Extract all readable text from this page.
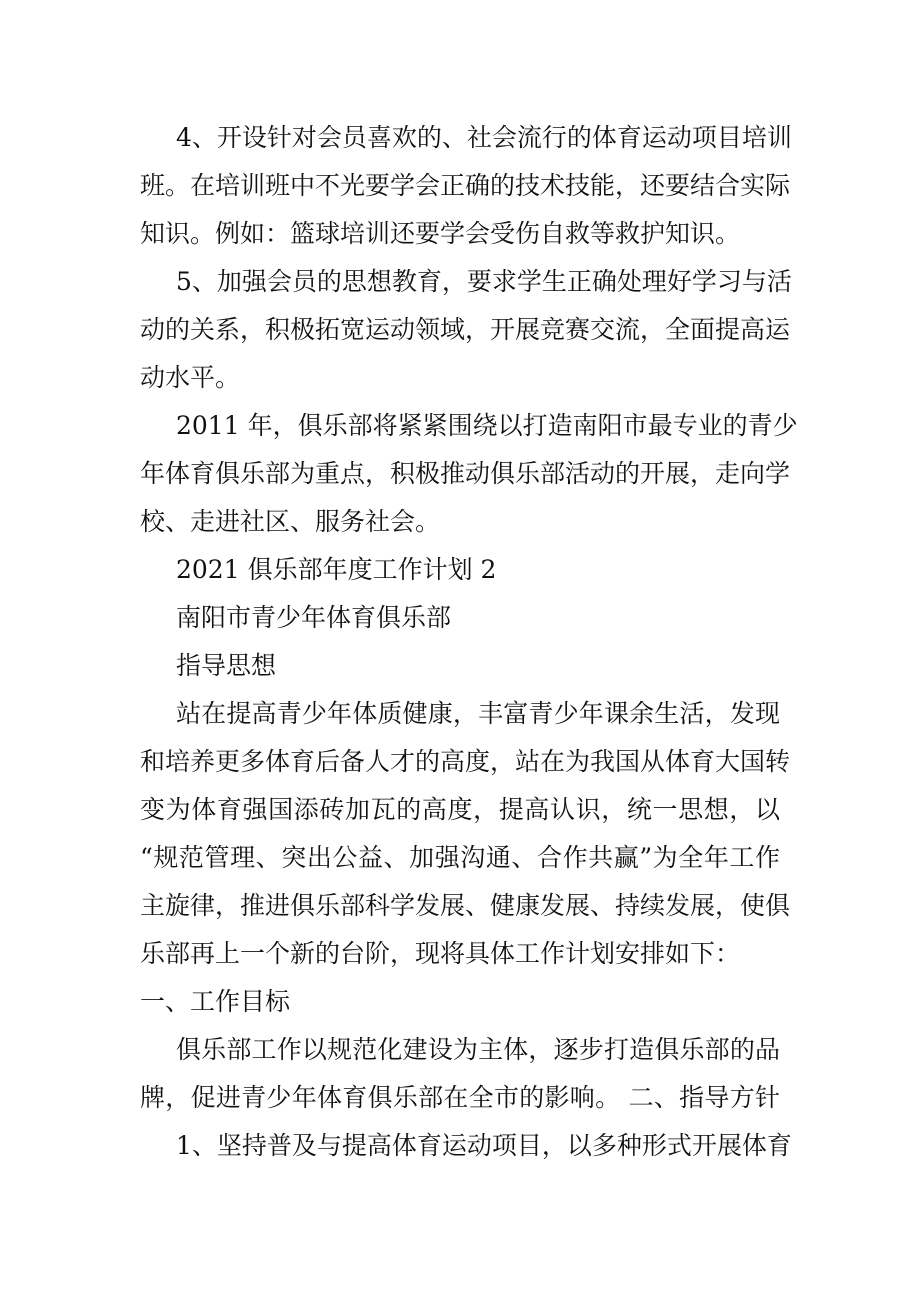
4、开设针对会员喜欢的、社会流行的体育运动项目培训
班。在培训班中不光要学会正确的技术技能，还要结合实际
知识。例如：篮球培训还要学会受伤自救等救护知识。
5、加强会员的思想教育，要求学生正确处理好学习与活
动的关系，积极拓宽运动领域，开展竞赛交流，全面提高运
动水平。
2011 年，俱乐部将紧紧围绕以打造南阳市最专业的青少
年体育俱乐部为重点，积极推动俱乐部活动的开展，走向学
校、走进社区、服务社会。
2021 俱乐部年度工作计划 2
南阳市青少年体育俱乐部
指导思想
站在提高青少年体质健康，丰富青少年课余生活，发现
和培养更多体育后备人才的高度，站在为我国从体育大国转
变为体育强国添砖加瓦的高度，提高认识，统一思想，以
“规范管理、突出公益、加强沟通、合作共赢”为全年工作
主旋律，推进俱乐部科学发展、健康发展、持续发展，使俱
乐部再上一个新的台阶，现将具体工作计划安排如下：
一、工作目标
俱乐部工作以规范化建设为主体，逐步打造俱乐部的品
牌，促进青少年体育俱乐部在全市的影响。 二、指导方针
1、坚持普及与提高体育运动项目，以多种形式开展体育
